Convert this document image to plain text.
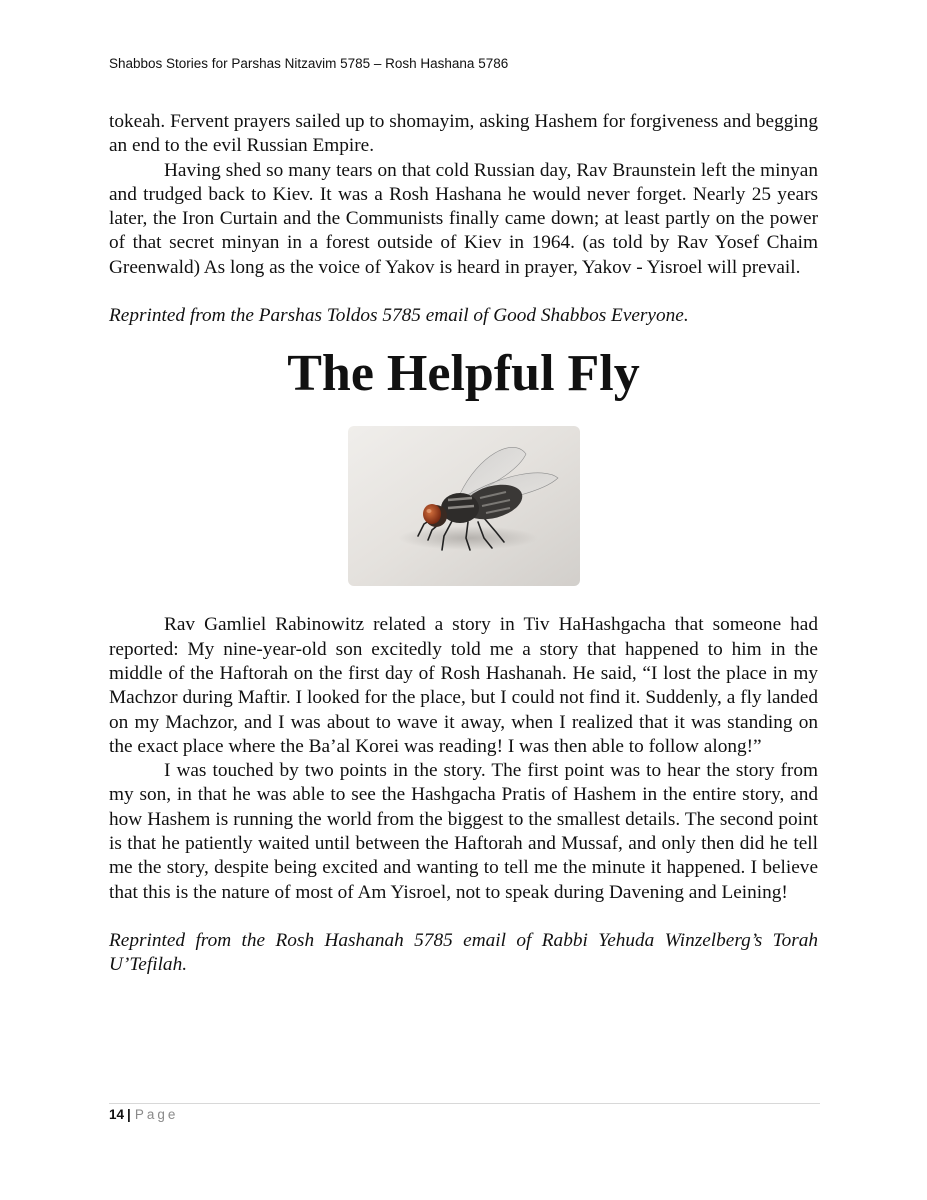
Shabbos Stories for Parshas Nitzavim 5785 – Rosh Hashana 5786

tokeah. Fervent prayers sailed up to shomayim, asking Hashem for forgiveness and begging an end to the evil Russian Empire.

Having shed so many tears on that cold Russian day, Rav Braunstein left the minyan and trudged back to Kiev. It was a Rosh Hashana he would never forget. Nearly 25 years later, the Iron Curtain and the Communists finally came down; at least partly on the power of that secret minyan in a forest outside of Kiev in 1964. (as told by Rav Yosef Chaim Greenwald) As long as the voice of Yakov is heard in prayer, Yakov - Yisroel will prevail.

Reprinted from the Parshas Toldos 5785 email of Good Shabbos Everyone.

The Helpful Fly

Rav Gamliel Rabinowitz related a story in Tiv HaHashgacha that someone had reported: My nine-year-old son excitedly told me a story that happened to him in the middle of the Haftorah on the first day of Rosh Hashanah. He said, “I lost the place in my Machzor during Maftir. I looked for the place, but I could not find it. Suddenly, a fly landed on my Machzor, and I was about to wave it away, when I realized that it was standing on the exact place where the Ba’al Korei was reading! I was then able to follow along!”

I was touched by two points in the story. The first point was to hear the story from my son, in that he was able to see the Hashgacha Pratis of Hashem in the entire story, and how Hashem is running the world from the biggest to the smallest details. The second point is that he patiently waited until between the Haftorah and Mussaf, and only then did he tell me the story, despite being excited and wanting to tell me the minute it happened. I believe that this is the nature of most of Am Yisroel, not to speak during Davening and Leining!

Reprinted from the Rosh Hashanah 5785 email of Rabbi Yehuda Winzelberg’s Torah U’Tefilah.

14 | Page
